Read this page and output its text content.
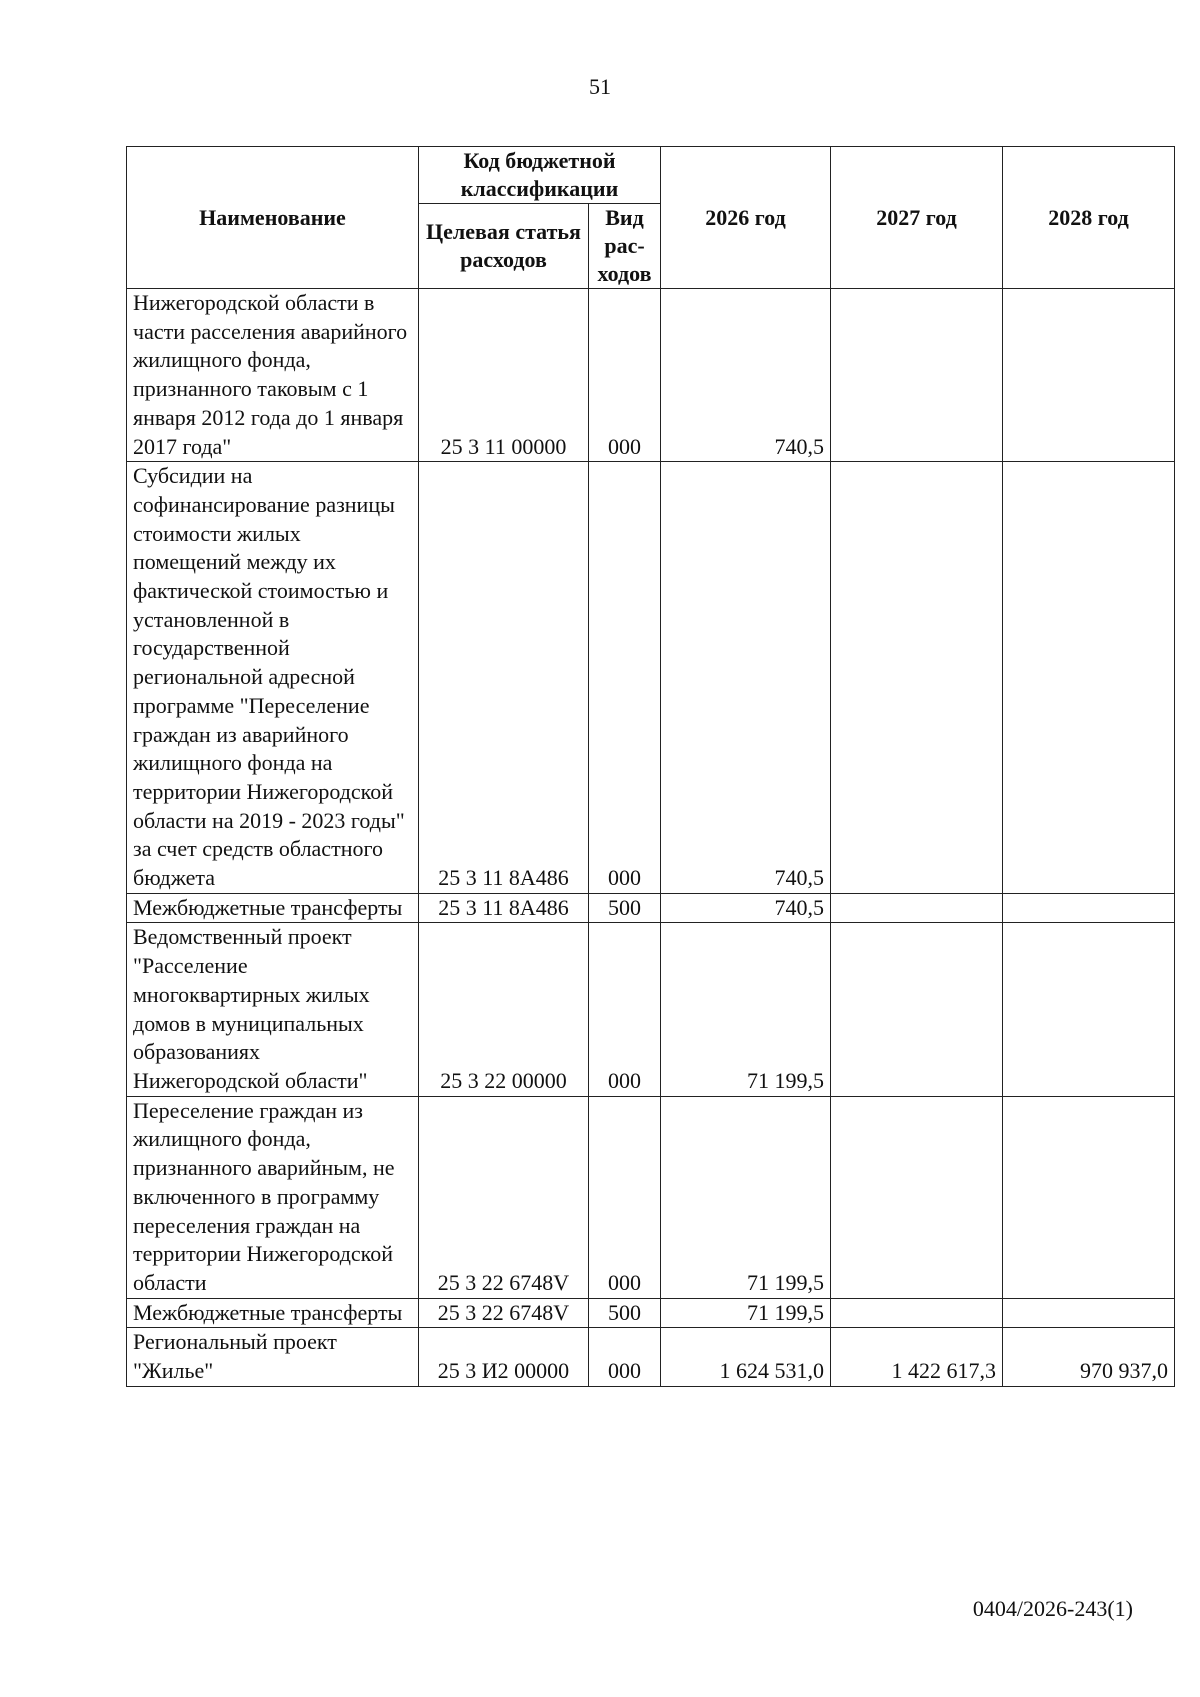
51
Наименование	Код бюджетной классификации		2026 год	2027 год	2028 год
	Целевая статья расходов	Вид рас-ходов			
Нижегородской области в части расселения аварийного жилищного фонда, признанного таковым с 1 января 2012 года до 1 января 2017 года"	25 3 11 00000	000	740,5		
Субсидии на софинансирование разницы стоимости жилых помещений между их фактической стоимостью и установленной в государственной региональной адресной программе "Переселение граждан из аварийного жилищного фонда на территории Нижегородской области на 2019 - 2023 годы" за счет средств областного бюджета	25 3 11 8А486	000	740,5		
Межбюджетные трансферты	25 3 11 8А486	500	740,5		
Ведомственный проект "Расселение многоквартирных жилых домов в муниципальных образованиях Нижегородской области"	25 3 22 00000	000	71 199,5		
Переселение граждан из жилищного фонда, признанного аварийным, не включенного в программу переселения граждан на территории Нижегородской области	25 3 22 6748V	000	71 199,5		
Межбюджетные трансферты	25 3 22 6748V	500	71 199,5		
Региональный проект "Жилье"	25 3 И2 00000	000	1 624 531,0	1 422 617,3	970 937,0
0404/2026-243(1)
